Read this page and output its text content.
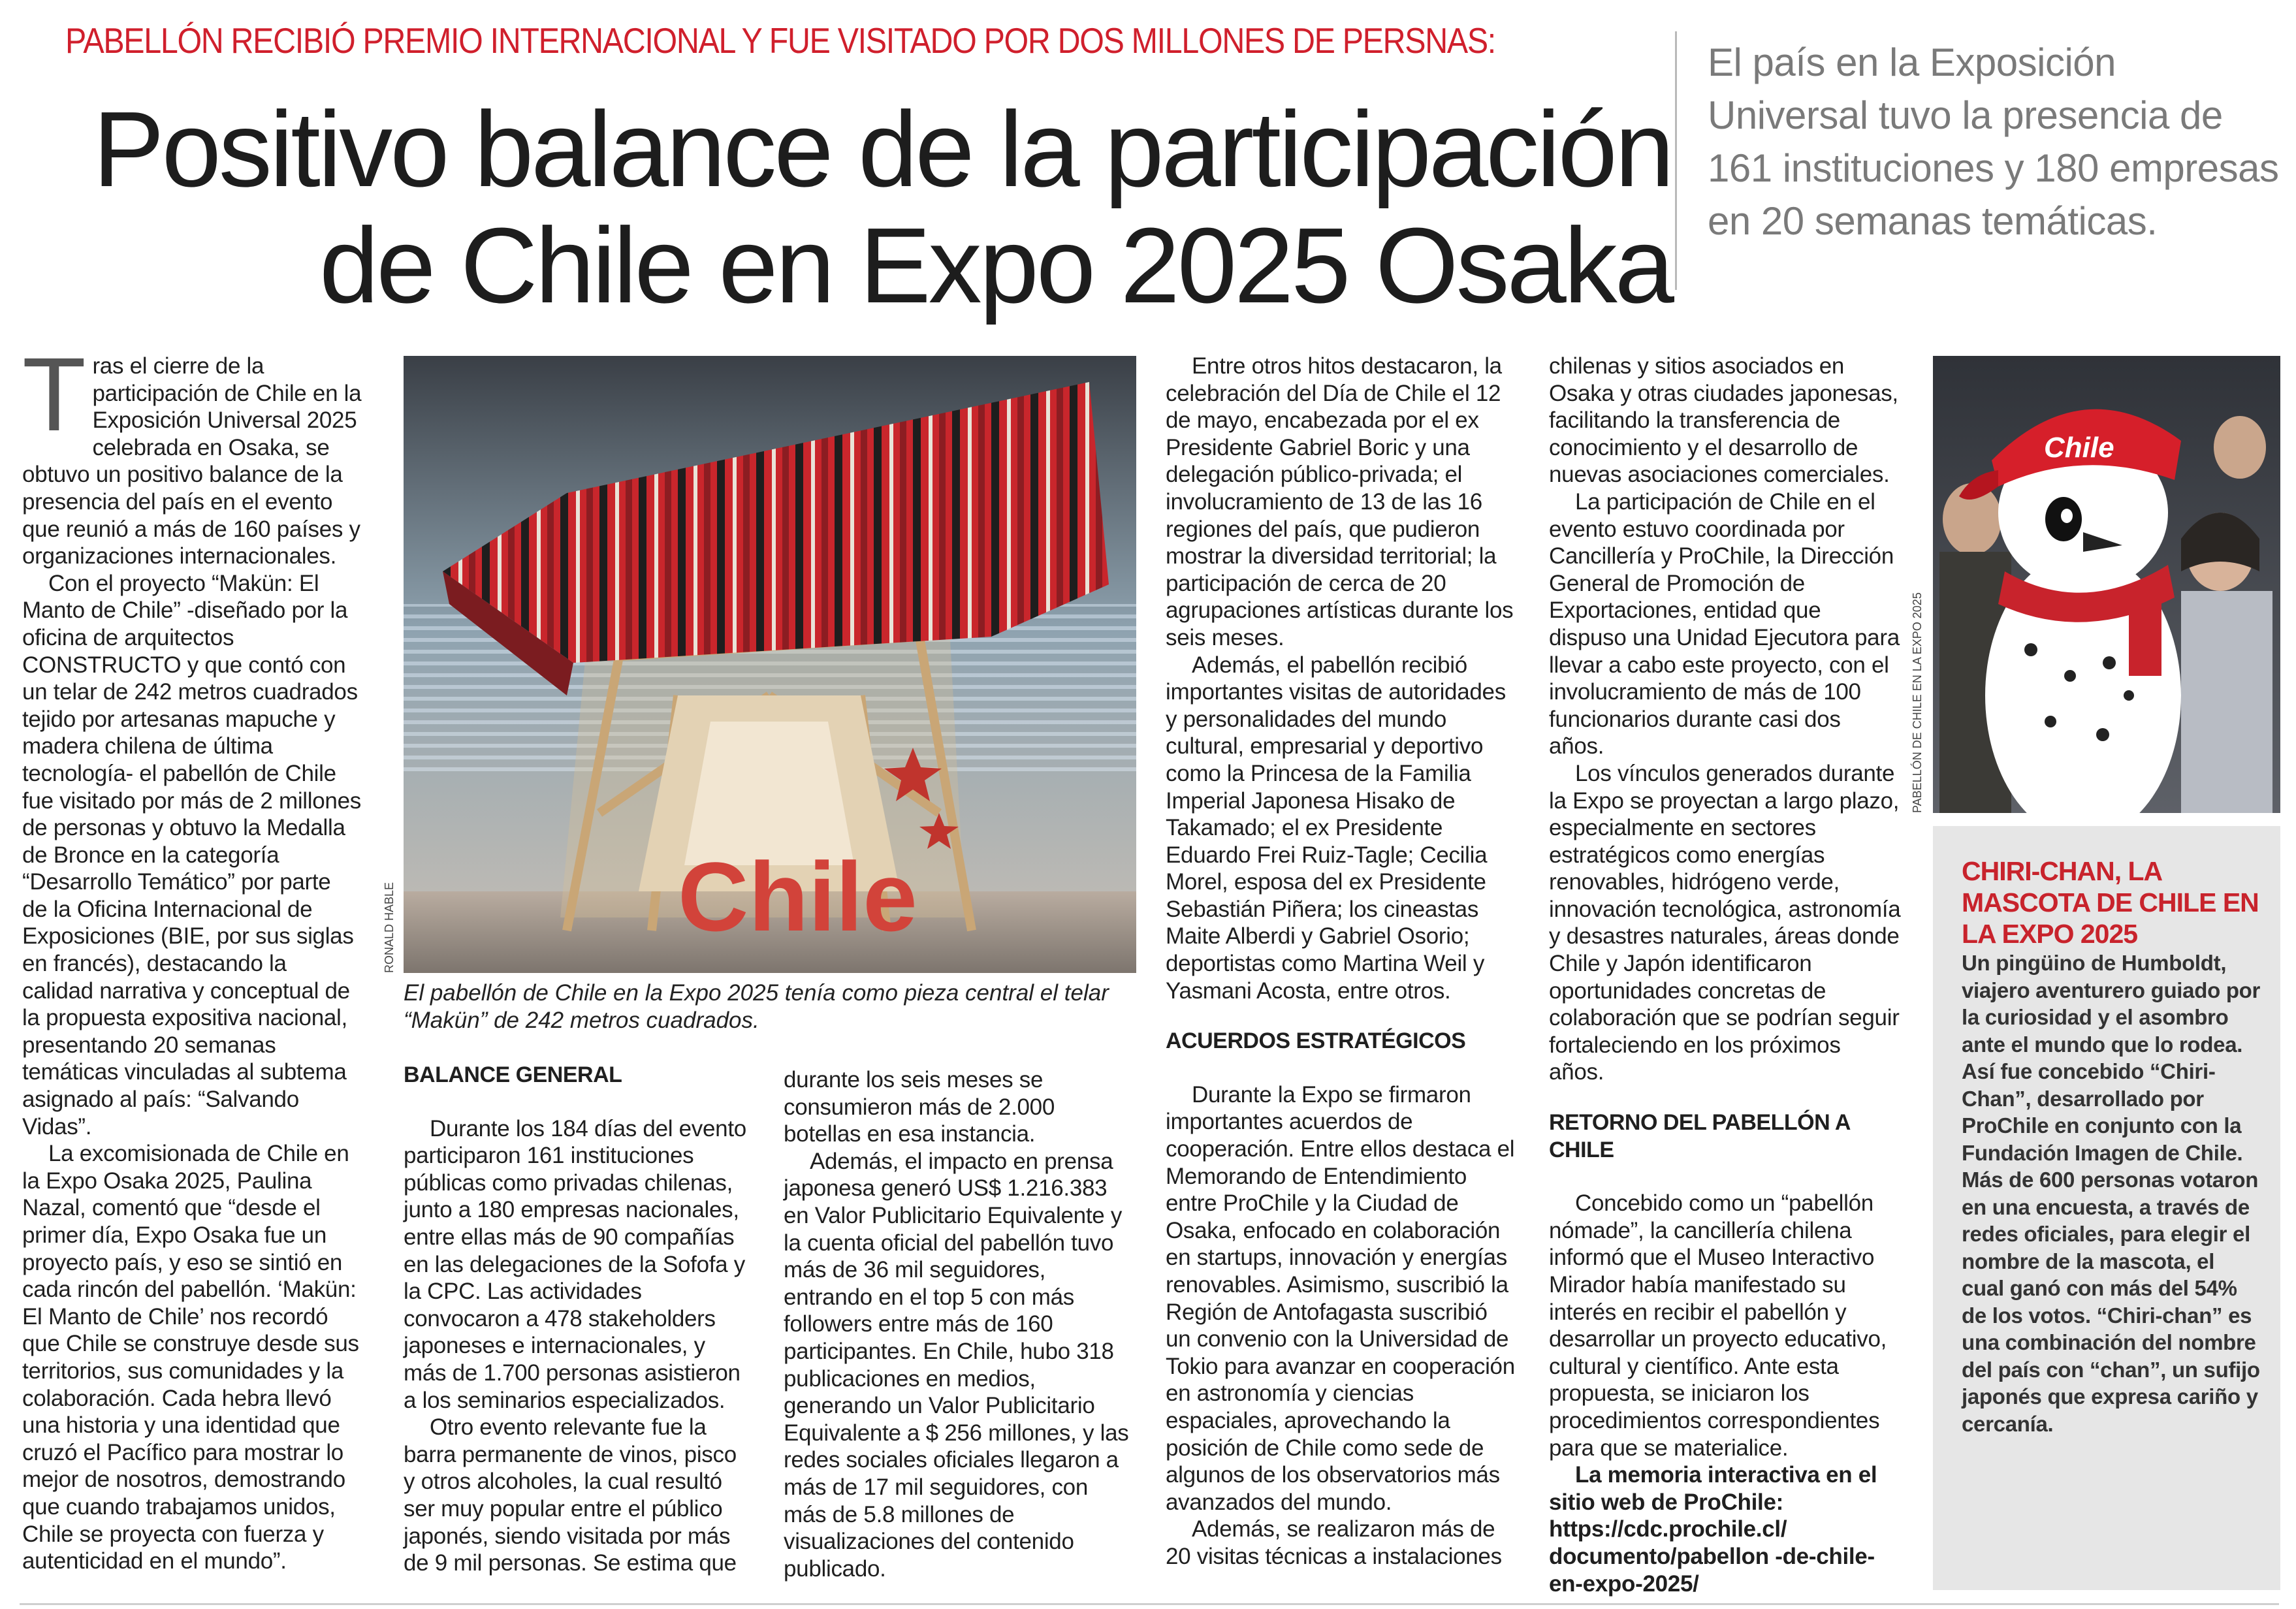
PABELLÓN RECIBIÓ PREMIO INTERNACIONAL Y FUE VISITADO POR DOS MILLONES DE PERSNAS:
Positivo balance de la participación
de Chile en Expo 2025 Osaka
El país en la Exposición Universal tuvo la presencia de 161 instituciones y 180 empresas en 20 semanas temáticas.

Tras el cierre de la participación de Chile en la Exposición Universal 2025 celebrada en Osaka, se obtuvo un positivo balance de la presencia del país en el evento que reunió a más de 160 países y organizaciones internacionales.

Con el proyecto “Makün: El Manto de Chile” -diseñado por la oficina de arquitectos CONSTRUCTO y que contó con un telar de 242 metros cuadrados tejido por artesanas mapuche y madera chilena de última tecnología- el pabellón de Chile fue visitado por más de 2 millones de personas y obtuvo la Medalla de Bronce en la categoría “Desarrollo Temático” por parte de la Oficina Internacional de Exposiciones (BIE, por sus siglas en francés), destacando la calidad narrativa y conceptual de la propuesta expositiva nacional, presentando 20 semanas temáticas vinculadas al subtema asignado al país: “Salvando Vidas”.

La excomisionada de Chile en la Expo Osaka 2025, Paulina Nazal, comentó que “desde el primer día, Expo Osaka fue un proyecto país, y eso se sintió en cada rincón del pabellón. ‘Makün: El Manto de Chile’ nos recordó que Chile se construye desde sus territorios, sus comunidades y la colaboración. Cada hebra llevó una historia y una identidad que cruzó el Pacífico para mostrar lo mejor de nosotros, demostrando que cuando trabajamos unidos, Chile se proyecta con fuerza y autenticidad en el mundo”.

Chile
RONALD HABLE
El pabellón de Chile en la Expo 2025 tenía como pieza central el telar “Makün” de 242 metros cuadrados.

BALANCE GENERAL

Durante los 184 días del evento participaron 161 instituciones públicas como privadas chilenas, junto a 180 empresas nacionales, entre ellas más de 90 compañías en las delegaciones de la Sofofa y la CPC. Las actividades convocaron a 478 stakeholders japoneses e internacionales, y más de 1.700 personas asistieron a los seminarios especializados.

Otro evento relevante fue la barra permanente de vinos, pisco y otros alcoholes, la cual resultó ser muy popular entre el público japonés, siendo visitada por más de 9 mil personas. Se estima que

durante los seis meses se consumieron más de 2.000 botellas en esa instancia.

Además, el impacto en prensa japonesa generó US$ 1.216.383 en Valor Publicitario Equivalente y la cuenta oficial del pabellón tuvo más de 36 mil seguidores, entrando en el top 5 con más followers entre más de 160 participantes. En Chile, hubo 318 publicaciones en medios, generando un Valor Publicitario Equivalente a $ 256 millones, y las redes sociales oficiales llegaron a más de 17 mil seguidores, con más de 5.8 millones de visualizaciones del contenido publicado.

Entre otros hitos destacaron, la celebración del Día de Chile el 12 de mayo, encabezada por el ex Presidente Gabriel Boric y una delegación público-privada; el involucramiento de 13 de las 16 regiones del país, que pudieron mostrar la diversidad territorial; la participación de cerca de 20 agrupaciones artísticas durante los seis meses.

Además, el pabellón recibió importantes visitas de autoridades y personalidades del mundo cultural, empresarial y deportivo como la Princesa de la Familia Imperial Japonesa Hisako de Takamado; el ex Presidente Eduardo Frei Ruiz-Tagle; Cecilia Morel, esposa del ex Presidente Sebastián Piñera; los cineastas Maite Alberdi y Gabriel Osorio; deportistas como Martina Weil y Yasmani Acosta, entre otros.

ACUERDOS ESTRATÉGICOS

Durante la Expo se firmaron importantes acuerdos de cooperación. Entre ellos destaca el Memorando de Entendimiento entre ProChile y la Ciudad de Osaka, enfocado en colaboración en startups, innovación y energías renovables. Asimismo, suscribió la Región de Antofagasta suscribió un convenio con la Universidad de Tokio para avanzar en cooperación en astronomía y ciencias espaciales, aprovechando la posición de Chile como sede de algunos de los observatorios más avanzados del mundo.

Además, se realizaron más de 20 visitas técnicas a instalaciones

chilenas y sitios asociados en Osaka y otras ciudades japonesas, facilitando la transferencia de conocimiento y el desarrollo de nuevas asociaciones comerciales.

La participación de Chile en el evento estuvo coordinada por Cancillería y ProChile, la Dirección General de Promoción de Exportaciones, entidad que dispuso una Unidad Ejecutora para llevar a cabo este proyecto, con el involucramiento de más de 100 funcionarios durante casi dos años.

Los vínculos generados durante la Expo se proyectan a largo plazo, especialmente en sectores estratégicos como energías renovables, hidrógeno verde, innovación tecnológica, astronomía y desastres naturales, áreas donde Chile y Japón identificaron oportunidades concretas de colaboración que se podrían seguir fortaleciendo en los próximos años.

RETORNO DEL PABELLÓN A CHILE

Concebido como un “pabellón nómade”, la cancillería chilena informó que el Museo Interactivo Mirador había manifestado su interés en recibir el pabellón y desarrollar un proyecto educativo, cultural y científico. Ante esta propuesta, se iniciaron los procedimientos correspondientes para que se materialice.

La memoria interactiva en el sitio web de ProChile: https://cdc.prochile.cl/ documento/pabellon -de-chile-en-expo-2025/

PABELLÓN DE CHILE EN LA EXPO 2025
Chile
CHIRI-CHAN, LA MASCOTA DE CHILE EN LA EXPO 2025
Un pingüino de Humboldt, viajero aventurero guiado por la curiosidad y el asombro ante el mundo que lo rodea. Así fue concebido “Chiri-Chan”, desarrollado por ProChile en conjunto con la Fundación Imagen de Chile. Más de 600 personas votaron en una encuesta, a través de redes oficiales, para elegir el nombre de la mascota, el cual ganó con más del 54% de los votos. “Chiri-chan” es una combinación del nombre del país con “chan”, un sufijo japonés que expresa cariño y cercanía.
